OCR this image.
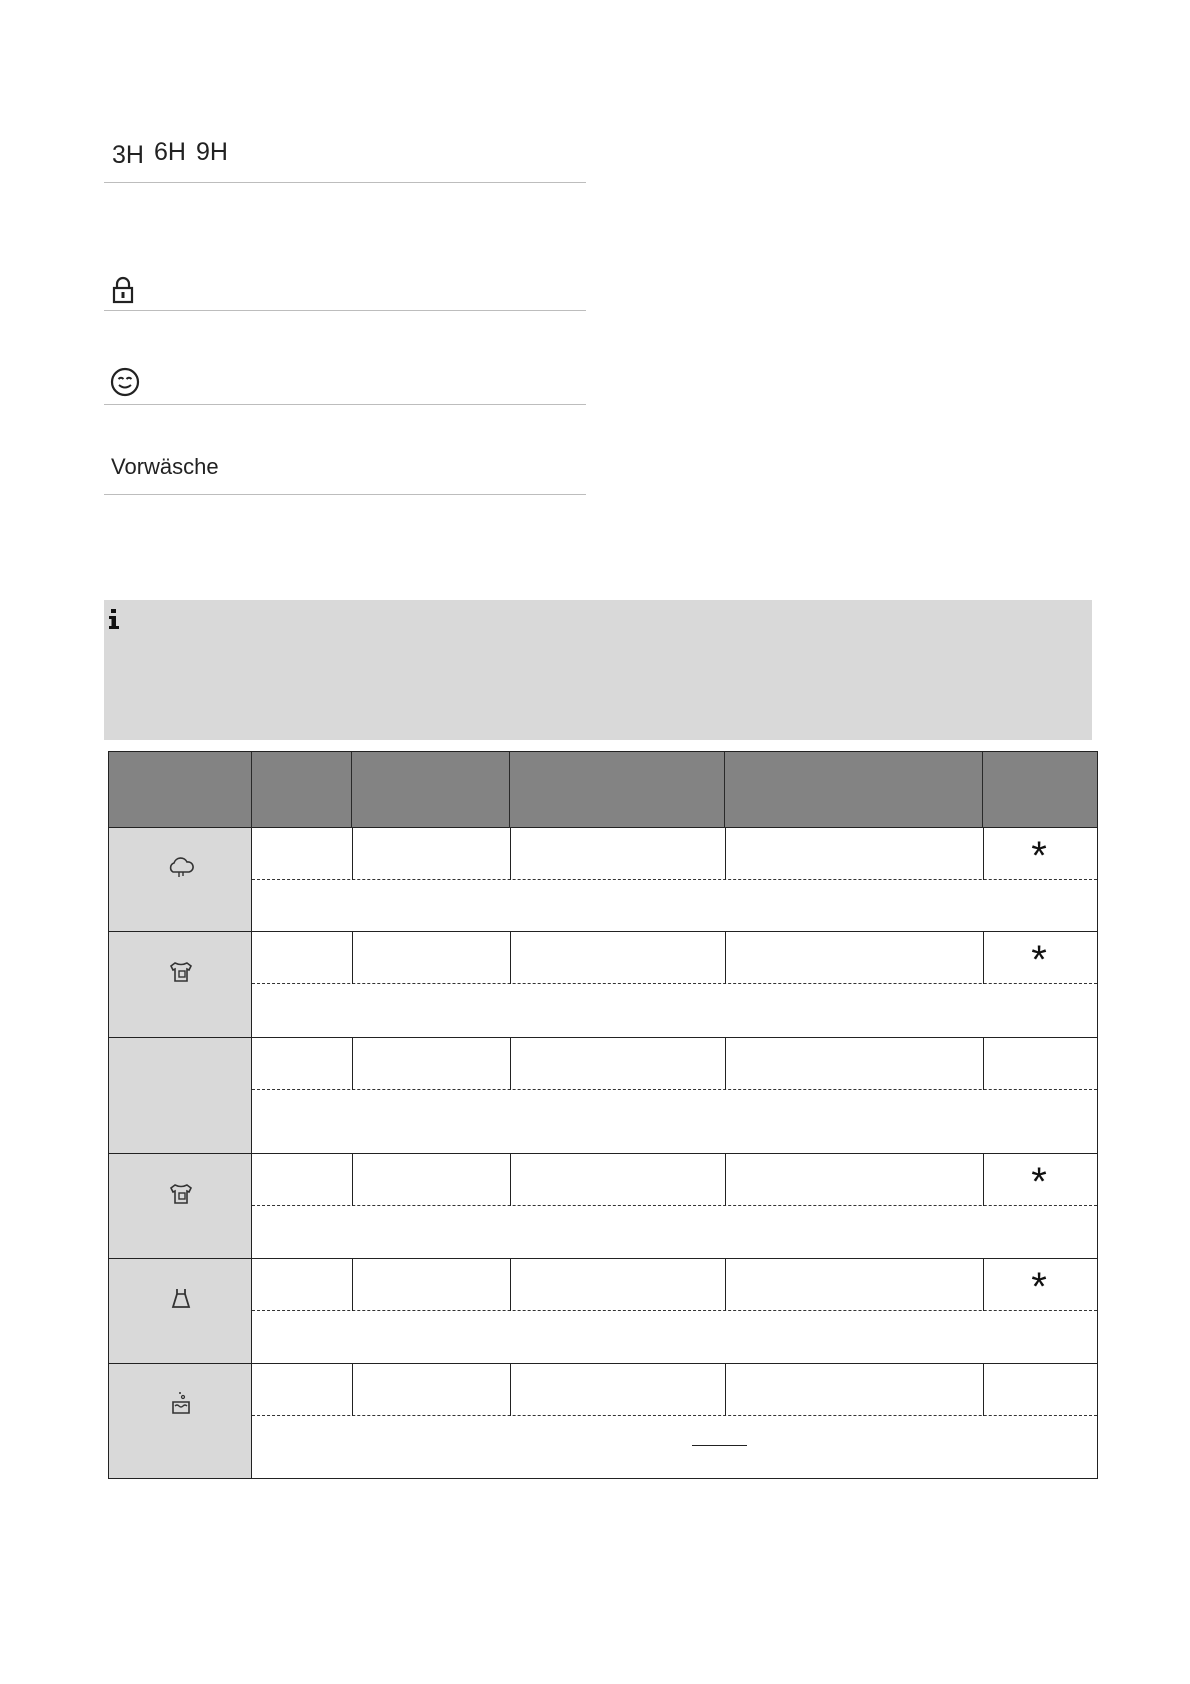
3H 6H 9H
Vorwäsche
*
*
*
*
